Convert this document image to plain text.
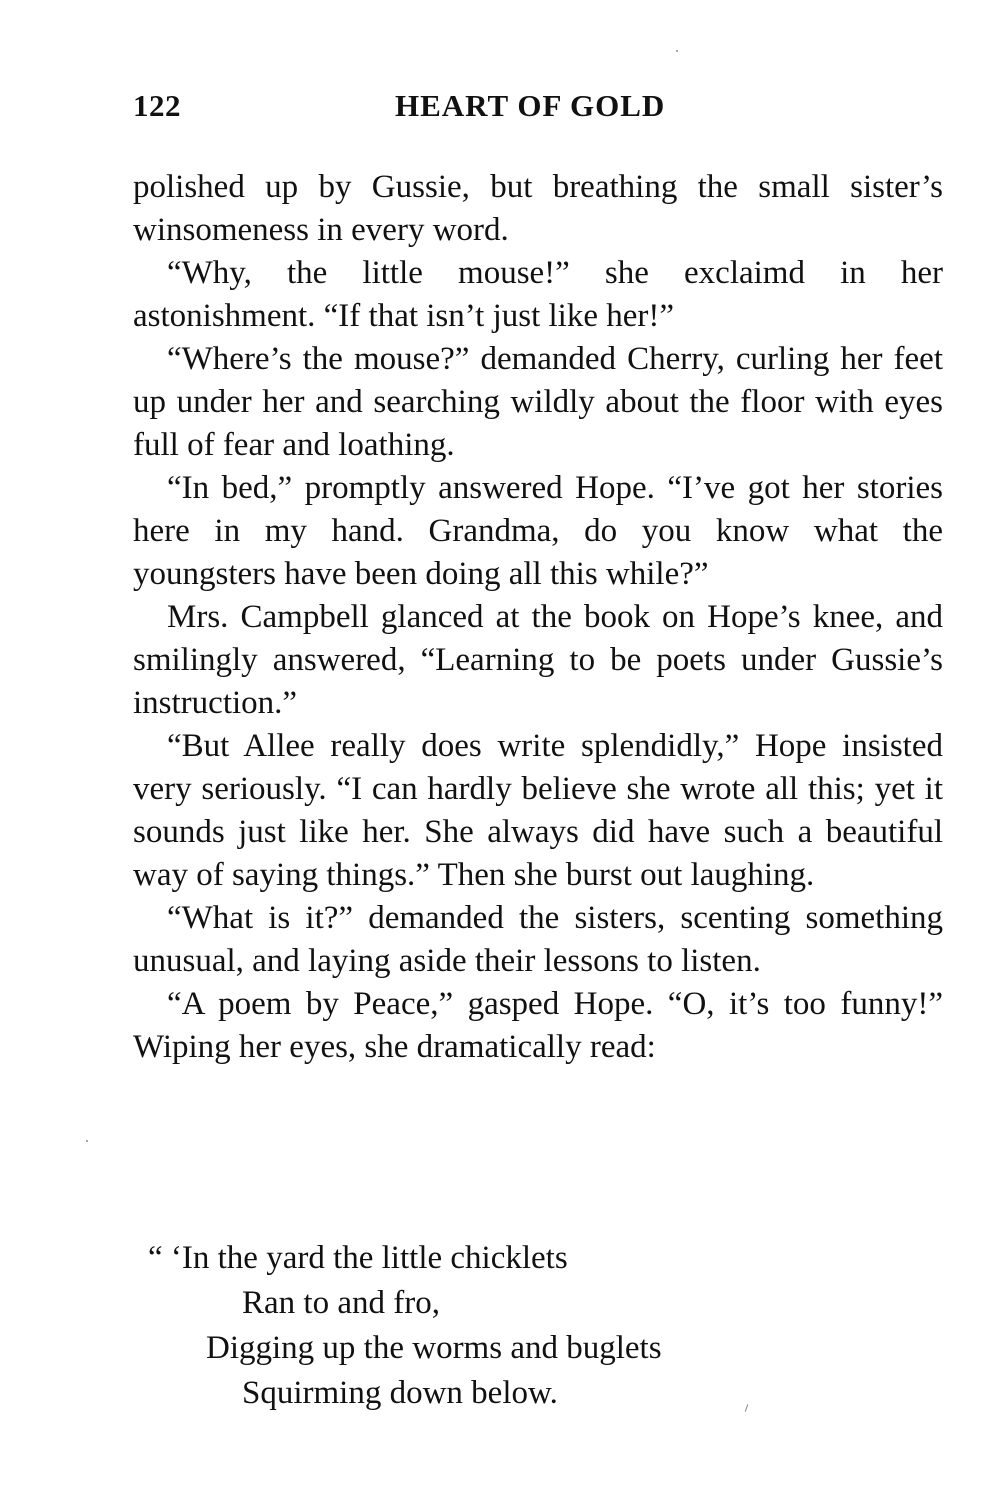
122	HEART OF GOLD

polished up by Gussie, but breathing the small sister’s winsomeness in every word.

“Why, the little mouse!” she exclaimd in her astonishment. “If that isn’t just like her!”

“Where’s the mouse?” demanded Cherry, curling her feet up under her and searching wildly about the floor with eyes full of fear and loathing.

“In bed,” promptly answered Hope. “I’ve got her stories here in my hand. Grandma, do you know what the youngsters have been doing all this while?”

Mrs. Campbell glanced at the book on Hope’s knee, and smilingly answered, “Learning to be poets under Gussie’s instruction.”

“But Allee really does write splendidly,” Hope insisted very seriously. “I can hardly believe she wrote all this; yet it sounds just like her. She always did have such a beautiful way of saying things.” Then she burst out laughing.

“What is it?” demanded the sisters, scenting something unusual, and laying aside their lessons to listen.

“A poem by Peace,” gasped Hope. “O, it’s too funny!” Wiping her eyes, she dramatically read:

“ ‘In the yard the little chicklets

Ran to and fro,

Digging up the worms and buglets

Squirming down below.
